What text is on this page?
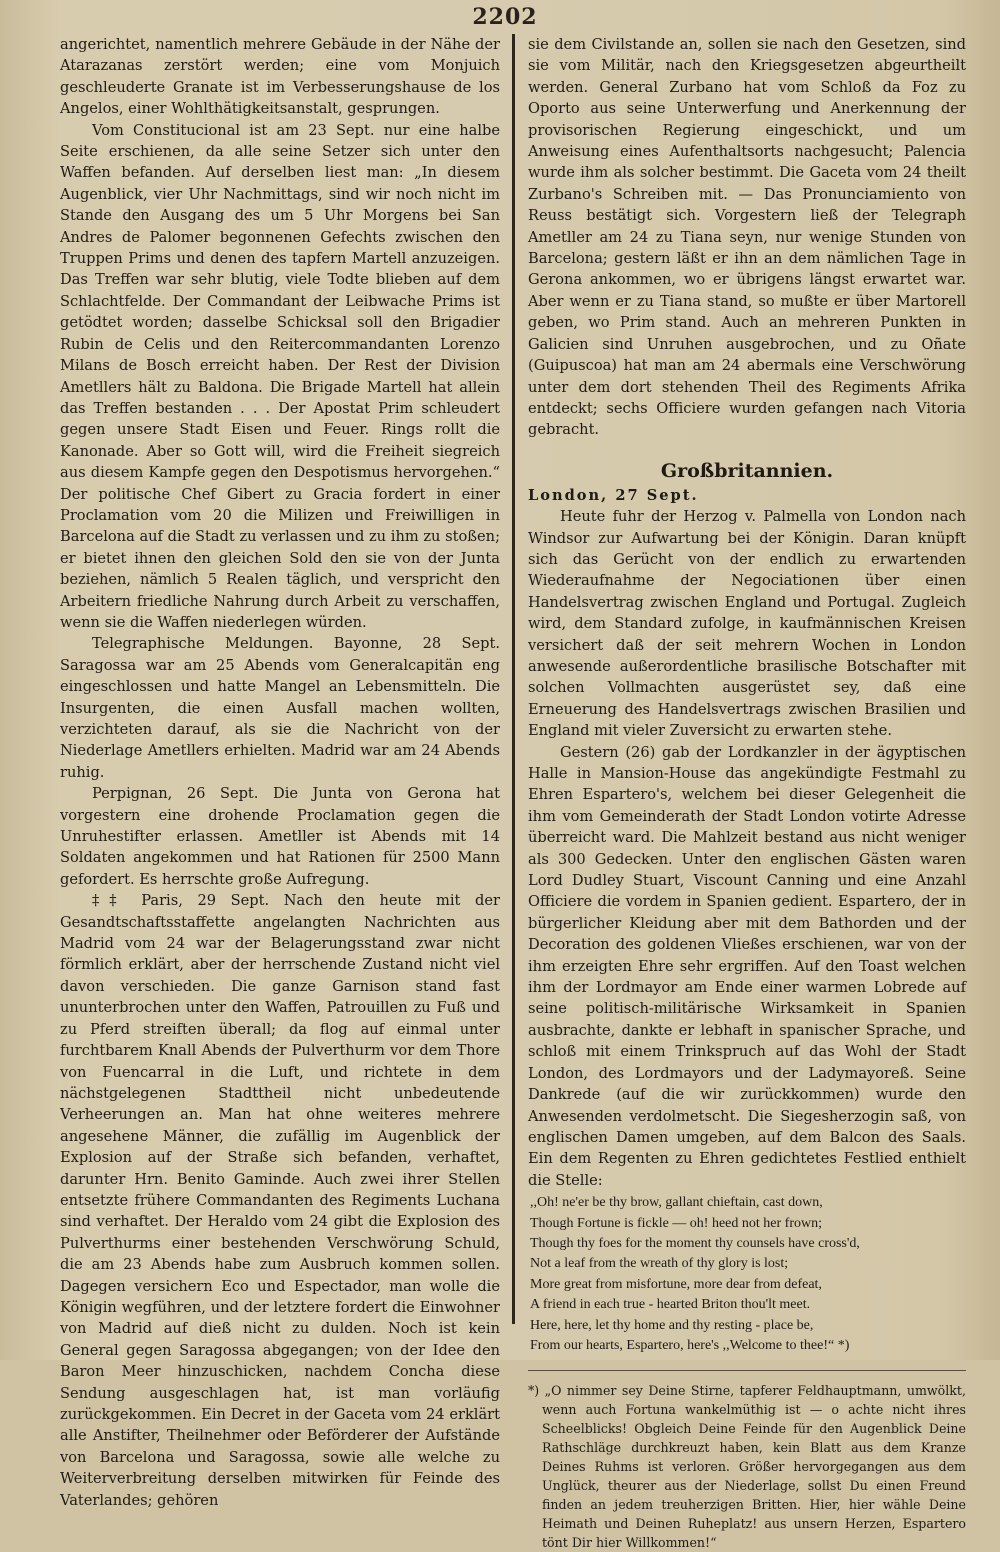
2202

angerichtet, namentlich mehrere Gebäude in der Nähe der Atarazanas zerstört werden; eine vom Monjuich geschleuderte Granate ist im Verbesserungshause de los Angelos, einer Wohlthätigkeitsanstalt, gesprungen.

Vom Constitucional ist am 23 Sept. nur eine halbe Seite erschienen, da alle seine Setzer sich unter den Waffen befanden. Auf derselben liest man: „In diesem Augenblick, vier Uhr Nachmittags, sind wir noch nicht im Stande den Ausgang des um 5 Uhr Morgens bei San Andres de Palomer begonnenen Gefechts zwischen den Truppen Prims und denen des tapfern Martell anzuzeigen. Das Treffen war sehr blutig, viele Todte blieben auf dem Schlachtfelde. Der Commandant der Leibwache Prims ist getödtet worden; dasselbe Schicksal soll den Brigadier Rubin de Celis und den Reitercommandanten Lorenzo Milans de Bosch erreicht haben. Der Rest der Division Ametllers hält zu Baldona. Die Brigade Martell hat allein das Treffen bestanden . . . Der Apostat Prim schleudert gegen unsere Stadt Eisen und Feuer. Rings rollt die Kanonade. Aber so Gott will, wird die Freiheit siegreich aus diesem Kampfe gegen den Despotismus hervorgehen.“ Der politische Chef Gibert zu Gracia fordert in einer Proclamation vom 20 die Milizen und Freiwilligen in Barcelona auf die Stadt zu verlassen und zu ihm zu stoßen; er bietet ihnen den gleichen Sold den sie von der Junta beziehen, nämlich 5 Realen täglich, und verspricht den Arbeitern friedliche Nahrung durch Arbeit zu verschaffen, wenn sie die Waffen niederlegen würden.

Telegraphische Meldungen. Bayonne, 28 Sept. Saragossa war am 25 Abends vom Generalcapitän eng eingeschlossen und hatte Mangel an Lebensmitteln. Die Insurgenten, die einen Ausfall machen wollten, verzichteten darauf, als sie die Nachricht von der Niederlage Ametllers erhielten. Madrid war am 24 Abends ruhig.

Perpignan, 26 Sept. Die Junta von Gerona hat vorgestern eine drohende Proclamation gegen die Unruhestifter erlassen. Ametller ist Abends mit 14 Soldaten angekommen und hat Rationen für 2500 Mann gefordert. Es herrschte große Aufregung.

‡‡ Paris, 29 Sept. Nach den heute mit der Gesandtschaftsstaffette angelangten Nachrichten aus Madrid vom 24 war der Belagerungsstand zwar nicht förmlich erklärt, aber der herrschende Zustand nicht viel davon verschieden. Die ganze Garnison stand fast ununterbrochen unter den Waffen, Patrouillen zu Fuß und zu Pferd streiften überall; da flog auf einmal unter furchtbarem Knall Abends der Pulverthurm vor dem Thore von Fuencarral in die Luft, und richtete in dem nächstgelegenen Stadttheil nicht unbedeutende Verheerungen an. Man hat ohne weiteres mehrere angesehene Männer, die zufällig im Augenblick der Explosion auf der Straße sich befanden, verhaftet, darunter Hrn. Benito Gaminde. Auch zwei ihrer Stellen entsetzte frühere Commandanten des Regiments Luchana sind verhaftet. Der Heraldo vom 24 gibt die Explosion des Pulverthurms einer bestehenden Verschwörung Schuld, die am 23 Abends habe zum Ausbruch kommen sollen. Dagegen versichern Eco und Espectador, man wolle die Königin wegführen, und der letztere fordert die Einwohner von Madrid auf dieß nicht zu dulden. Noch ist kein General gegen Saragossa abgegangen; von der Idee den Baron Meer hinzuschicken, nachdem Concha diese Sendung ausgeschlagen hat, ist man vorläufig zurückgekommen. Ein Decret in der Gaceta vom 24 erklärt alle Anstifter, Theilnehmer oder Beförderer der Aufstände von Barcelona und Saragossa, sowie alle welche zu Weiterverbreitung derselben mitwirken für Feinde des Vaterlandes; gehören

sie dem Civilstande an, sollen sie nach den Gesetzen, sind sie vom Militär, nach den Kriegsgesetzen abgeurtheilt werden. General Zurbano hat vom Schloß da Foz zu Oporto aus seine Unterwerfung und Anerkennung der provisorischen Regierung eingeschickt, und um Anweisung eines Aufenthaltsorts nachgesucht; Palencia wurde ihm als solcher bestimmt. Die Gaceta vom 24 theilt Zurbano's Schreiben mit. — Das Pronunciamiento von Reuss bestätigt sich. Vorgestern ließ der Telegraph Ametller am 24 zu Tiana seyn, nur wenige Stunden von Barcelona; gestern läßt er ihn an dem nämlichen Tage in Gerona ankommen, wo er übrigens längst erwartet war. Aber wenn er zu Tiana stand, so mußte er über Martorell geben, wo Prim stand. Auch an mehreren Punkten in Galicien sind Unruhen ausgebrochen, und zu Oñate (Guipuscoa) hat man am 24 abermals eine Verschwörung unter dem dort stehenden Theil des Regiments Afrika entdeckt; sechs Officiere wurden gefangen nach Vitoria gebracht.

Großbritannien.

London, 27 Sept.

Heute fuhr der Herzog v. Palmella von London nach Windsor zur Aufwartung bei der Königin. Daran knüpft sich das Gerücht von der endlich zu erwartenden Wiederaufnahme der Negociationen über einen Handelsvertrag zwischen England und Portugal. Zugleich wird, dem Standard zufolge, in kaufmännischen Kreisen versichert daß der seit mehrern Wochen in London anwesende außerordentliche brasilische Botschafter mit solchen Vollmachten ausgerüstet sey, daß eine Erneuerung des Handelsvertrags zwischen Brasilien und England mit vieler Zuversicht zu erwarten stehe.

Gestern (26) gab der Lordkanzler in der ägyptischen Halle in Mansion-House das angekündigte Festmahl zu Ehren Espartero's, welchem bei dieser Gelegenheit die ihm vom Gemeinderath der Stadt London votirte Adresse überreicht ward. Die Mahlzeit bestand aus nicht weniger als 300 Gedecken. Unter den englischen Gästen waren Lord Dudley Stuart, Viscount Canning und eine Anzahl Officiere die vordem in Spanien gedient. Espartero, der in bürgerlicher Kleidung aber mit dem Bathorden und der Decoration des goldenen Vließes erschienen, war von der ihm erzeigten Ehre sehr ergriffen. Auf den Toast welchen ihm der Lordmayor am Ende einer warmen Lobrede auf seine politisch-militärische Wirksamkeit in Spanien ausbrachte, dankte er lebhaft in spanischer Sprache, und schloß mit einem Trinkspruch auf das Wohl der Stadt London, des Lordmayors und der Ladymayoreß. Seine Dankrede (auf die wir zurückkommen) wurde den Anwesenden verdolmetscht. Die Siegesherzogin saß, von englischen Damen umgeben, auf dem Balcon des Saals. Ein dem Regenten zu Ehren gedichtetes Festlied enthielt die Stelle:

,,Oh! ne'er be thy brow, gallant chieftain, cast down,
Though Fortune is fickle — oh! heed not her frown;
Though thy foes for the moment thy counsels have cross'd,
Not a leaf from the wreath of thy glory is lost;
More great from misfortune, more dear from defeat,
A friend in each true - hearted Briton thou'lt meet.
Here, here, let thy home and thy resting - place be,
From our hearts, Espartero, here's ,,Welcome to thee!“ *)

*) „O nimmer sey Deine Stirne, tapferer Feldhauptmann, umwölkt, wenn auch Fortuna wankelmüthig ist — o achte nicht ihres Scheelblicks! Obgleich Deine Feinde für den Augenblick Deine Rathschläge durchkreuzt haben, kein Blatt aus dem Kranze Deines Ruhms ist verloren. Größer hervorgegangen aus dem Unglück, theurer aus der Niederlage, sollst Du einen Freund finden an jedem treuherzigen Britten. Hier, hier wähle Deine Heimath und Deinen Ruheplatz! aus unsern Herzen, Espartero tönt Dir hier Willkommen!“
